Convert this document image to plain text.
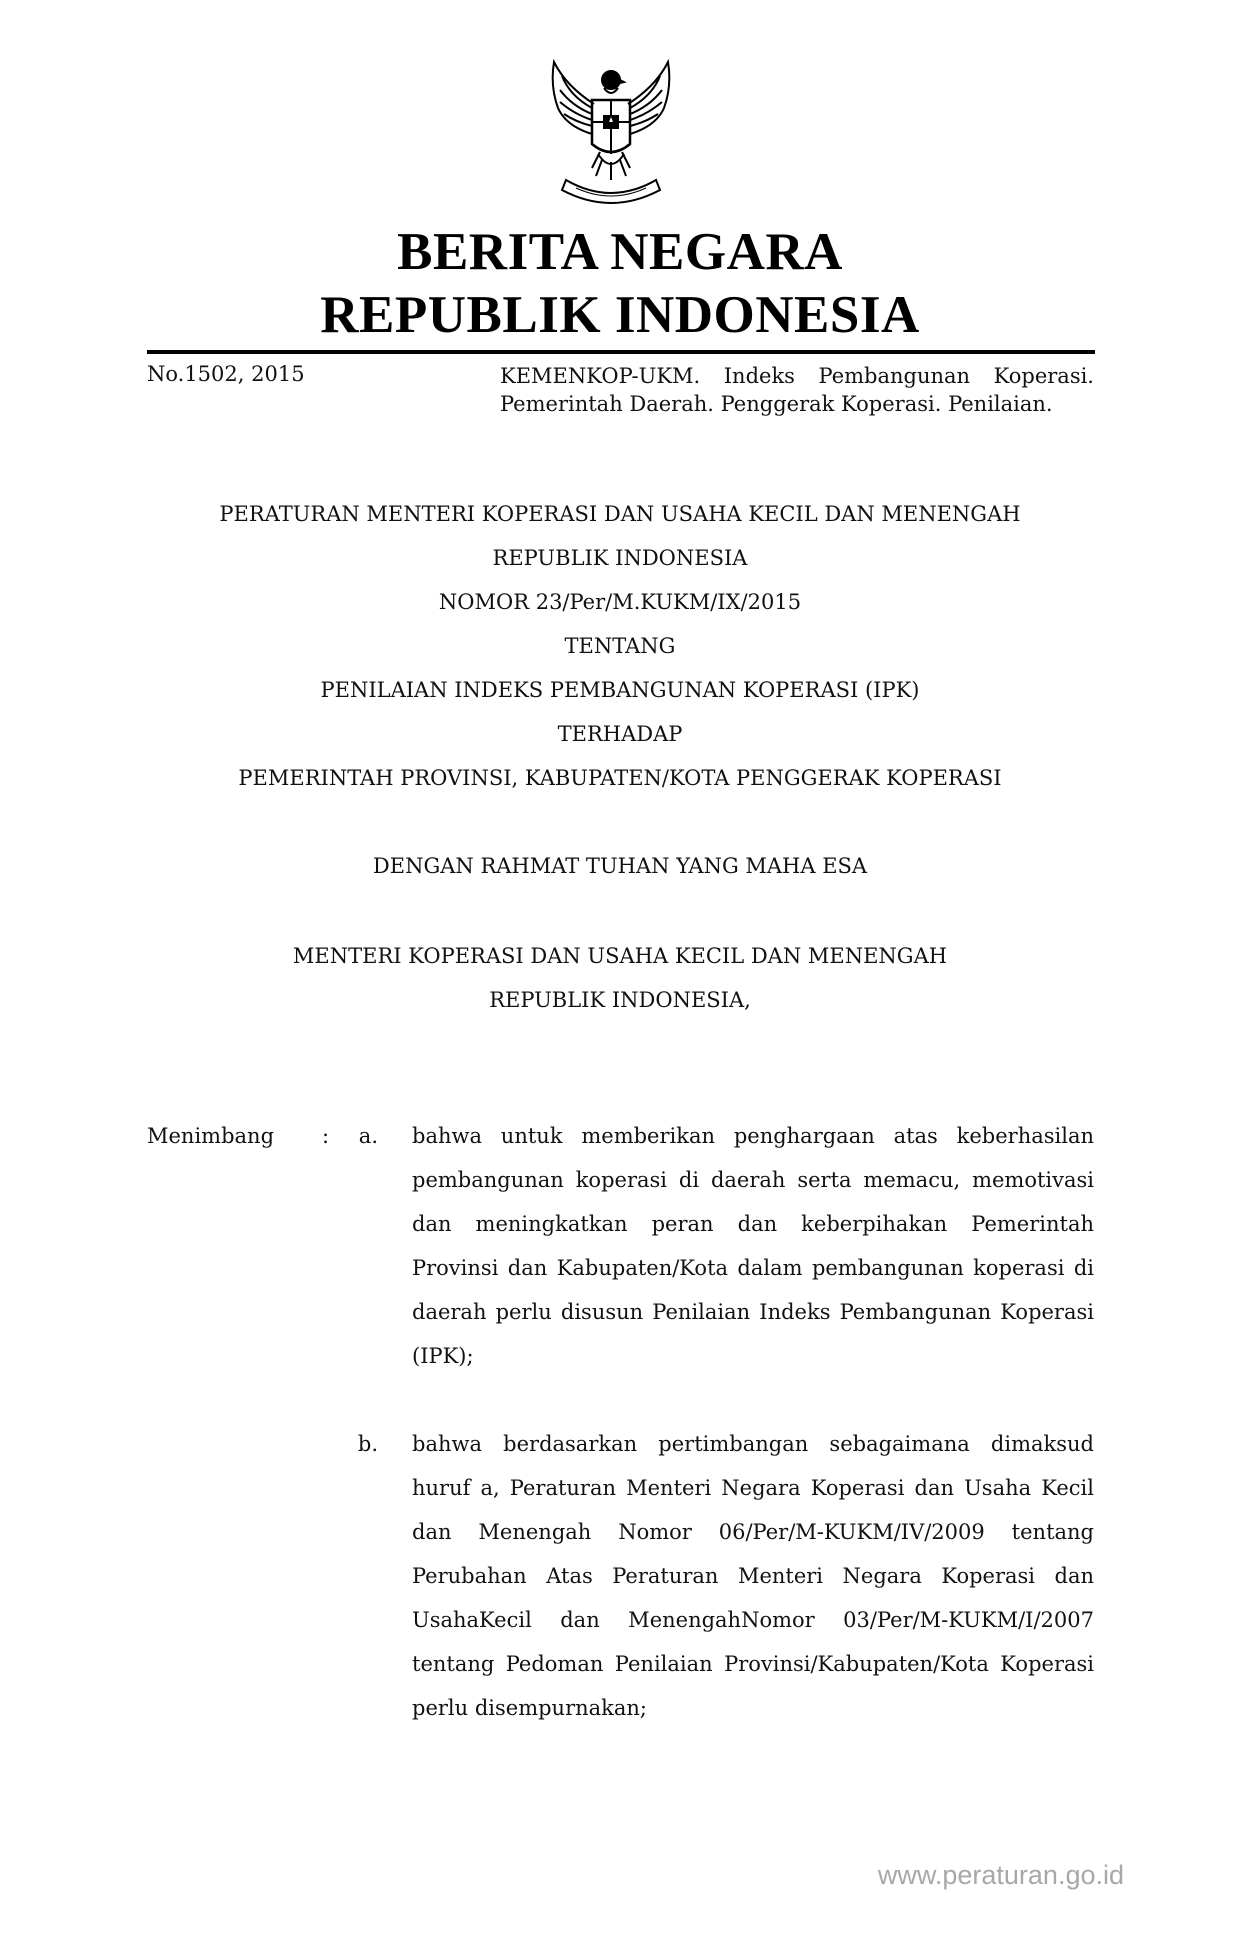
BERITA NEGARA
REPUBLIK INDONESIA
No.1502, 2015	KEMENKOP-UKM. Indeks Pembangunan Koperasi. Pemerintah Daerah. Penggerak Koperasi. Penilaian.
PERATURAN MENTERI KOPERASI DAN USAHA KECIL DAN MENENGAH
REPUBLIK INDONESIA
NOMOR 23/Per/M.KUKM/IX/2015
TENTANG
PENILAIAN INDEKS PEMBANGUNAN KOPERASI (IPK)
TERHADAP
PEMERINTAH PROVINSI, KABUPATEN/KOTA PENGGERAK KOPERASI
DENGAN RAHMAT TUHAN YANG MAHA ESA
MENTERI KOPERASI DAN USAHA KECIL DAN MENENGAH
REPUBLIK INDONESIA,
Menimbang :	a. bahwa untuk memberikan penghargaan atas keberhasilan pembangunan koperasi di daerah serta memacu, memotivasi dan meningkatkan peran dan keberpihakan Pemerintah Provinsi dan Kabupaten/Kota dalam pembangunan koperasi di daerah perlu disusun Penilaian Indeks Pembangunan Koperasi (IPK);
b. bahwa berdasarkan pertimbangan sebagaimana dimaksud huruf a, Peraturan Menteri Negara Koperasi dan Usaha Kecil dan Menengah Nomor 06/Per/M-KUKM/IV/2009 tentang Perubahan Atas Peraturan Menteri Negara Koperasi dan UsahaKecil dan MenengahNomor 03/Per/M-KUKM/I/2007 tentang Pedoman Penilaian Provinsi/Kabupaten/Kota Koperasi perlu disempurnakan;
www.peraturan.go.id
